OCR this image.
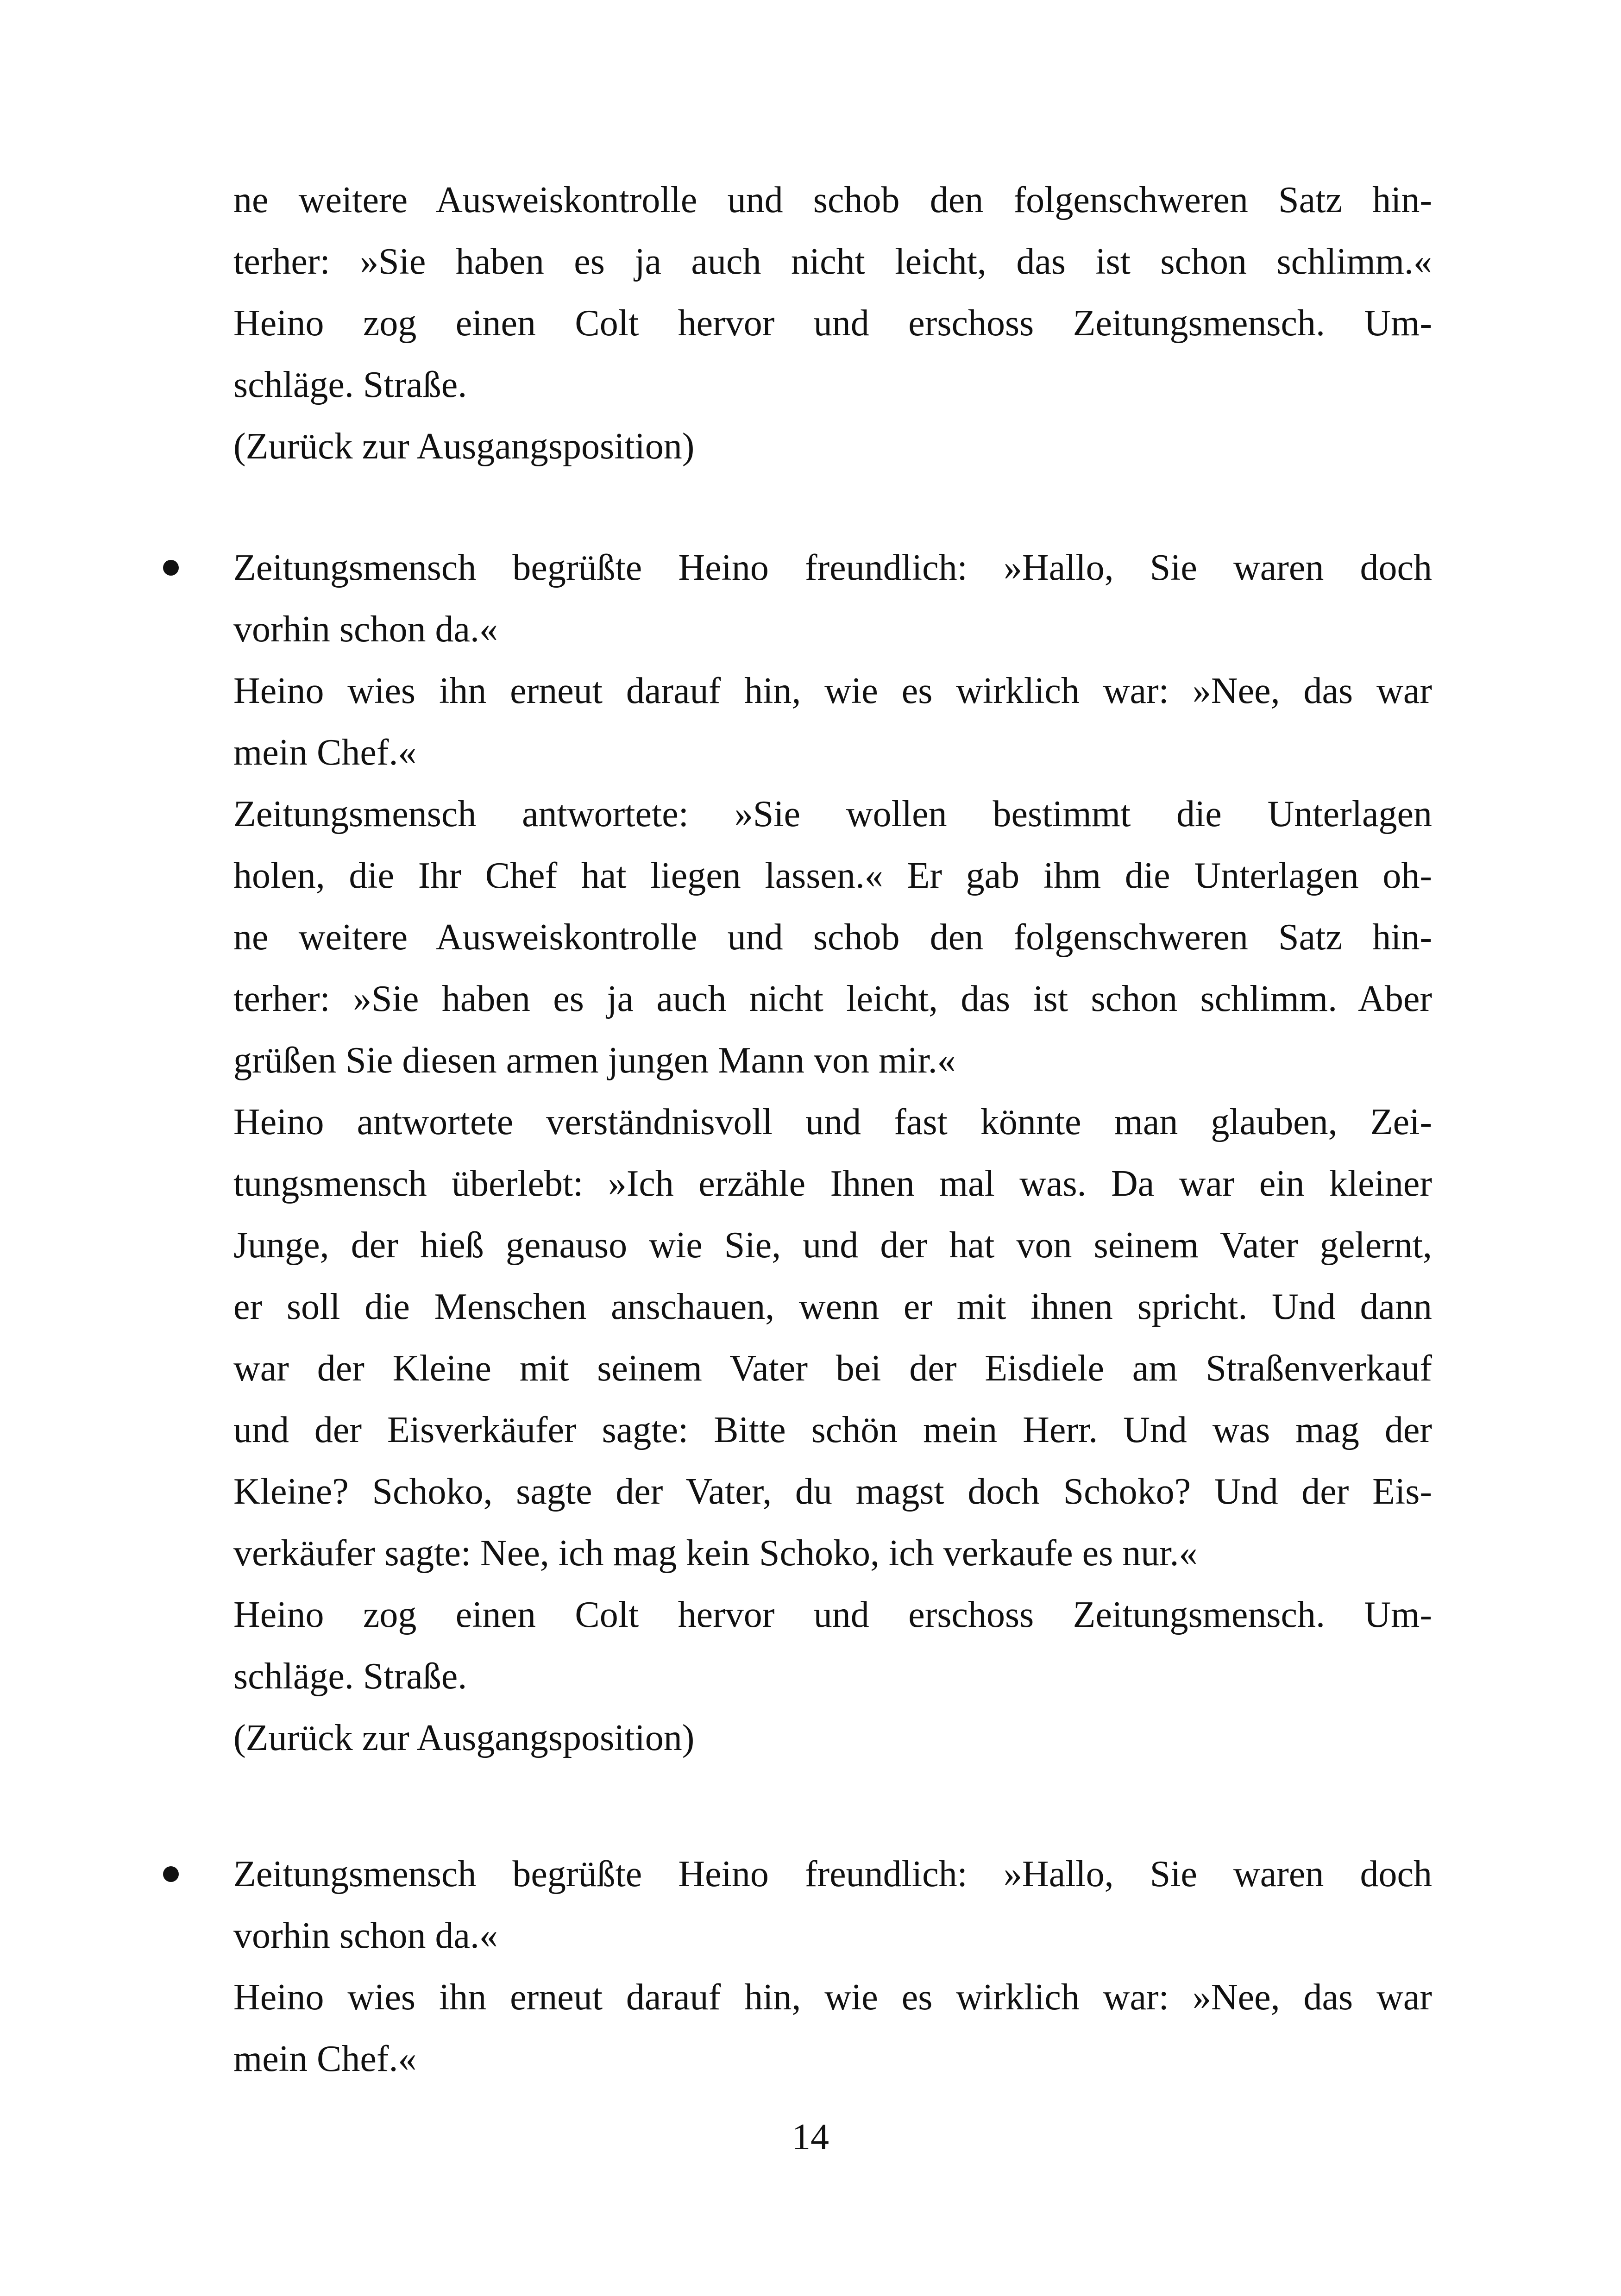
ne weitere Ausweiskontrolle und schob den folgenschweren Satz hin-
terher: »Sie haben es ja auch nicht leicht, das ist schon schlimm.«
Heino zog einen Colt hervor und erschoss Zeitungsmensch. Um-
schläge. Straße.
(Zurück zur Ausgangsposition)
Zeitungsmensch begrüßte Heino freundlich: »Hallo, Sie waren doch
vorhin schon da.«
Heino wies ihn erneut darauf hin, wie es wirklich war: »Nee, das war
mein Chef.«
Zeitungsmensch antwortete: »Sie wollen bestimmt die Unterlagen
holen, die Ihr Chef hat liegen lassen.« Er gab ihm die Unterlagen oh-
ne weitere Ausweiskontrolle und schob den folgenschweren Satz hin-
terher: »Sie haben es ja auch nicht leicht, das ist schon schlimm. Aber
grüßen Sie diesen armen jungen Mann von mir.«
Heino antwortete verständnisvoll und fast könnte man glauben, Zei-
tungsmensch überlebt: »Ich erzähle Ihnen mal was. Da war ein kleiner
Junge, der hieß genauso wie Sie, und der hat von seinem Vater gelernt,
er soll die Menschen anschauen, wenn er mit ihnen spricht. Und dann
war der Kleine mit seinem Vater bei der Eisdiele am Straßenverkauf
und der Eisverkäufer sagte: Bitte schön mein Herr. Und was mag der
Kleine? Schoko, sagte der Vater, du magst doch Schoko? Und der Eis-
verkäufer sagte: Nee, ich mag kein Schoko, ich verkaufe es nur.«
Heino zog einen Colt hervor und erschoss Zeitungsmensch. Um-
schläge. Straße.
(Zurück zur Ausgangsposition)
Zeitungsmensch begrüßte Heino freundlich: »Hallo, Sie waren doch
vorhin schon da.«
Heino wies ihn erneut darauf hin, wie es wirklich war: »Nee, das war
mein Chef.«
14
